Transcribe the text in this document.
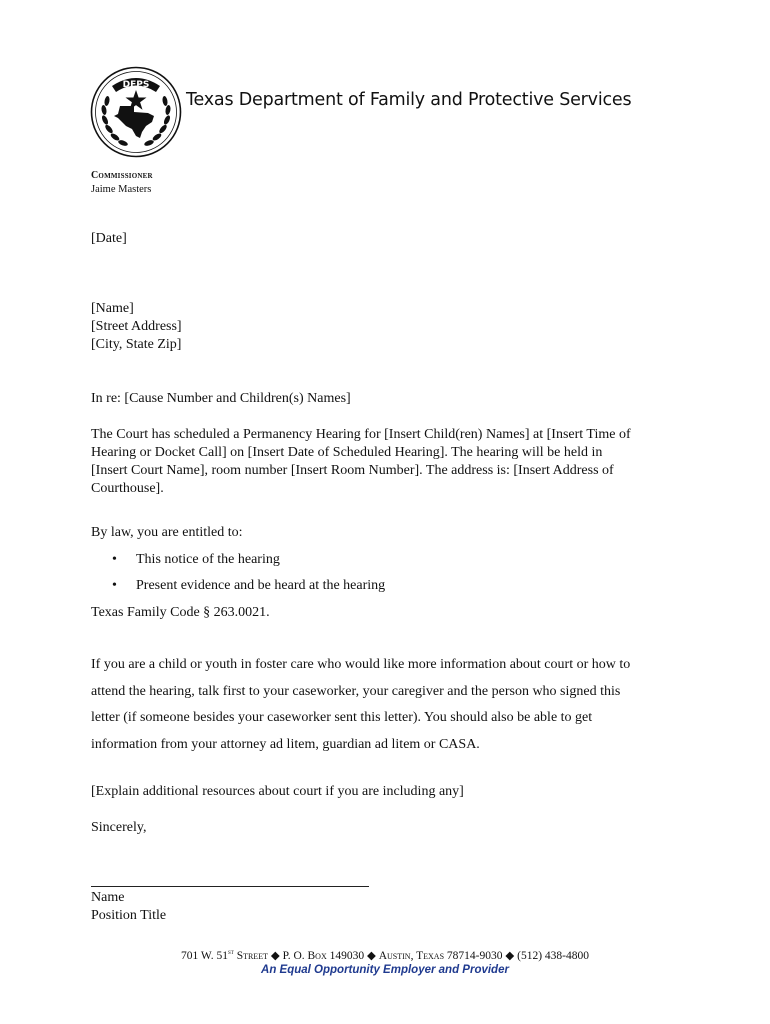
DFPS
Texas Department of Family and Protective Services
Commissioner
Jaime Masters
[Date]
[Name]
[Street Address]
[City, State Zip]
In re: [Cause Number and Children(s) Names]
The Court has scheduled a Permanency Hearing for [Insert Child(ren) Names] at [Insert Time of
Hearing or Docket Call] on [Insert Date of Scheduled Hearing]. The hearing will be held in
[Insert Court Name], room number [Insert Room Number]. The address is: [Insert Address of
Courthouse].
By law, you are entitled to:
• This notice of the hearing
• Present evidence and be heard at the hearing
Texas Family Code § 263.0021.
If you are a child or youth in foster care who would like more information about court or how to
attend the hearing, talk first to your caseworker, your caregiver and the person who signed this
letter (if someone besides your caseworker sent this letter). You should also be able to get
information from your attorney ad litem, guardian ad litem or CASA.
[Explain additional resources about court if you are including any]
Sincerely,
Name
Position Title
701 W. 51st Street ◆ P. O. Box 149030 ◆ Austin, Texas 78714-9030 ◆ (512) 438-4800
An Equal Opportunity Employer and Provider
